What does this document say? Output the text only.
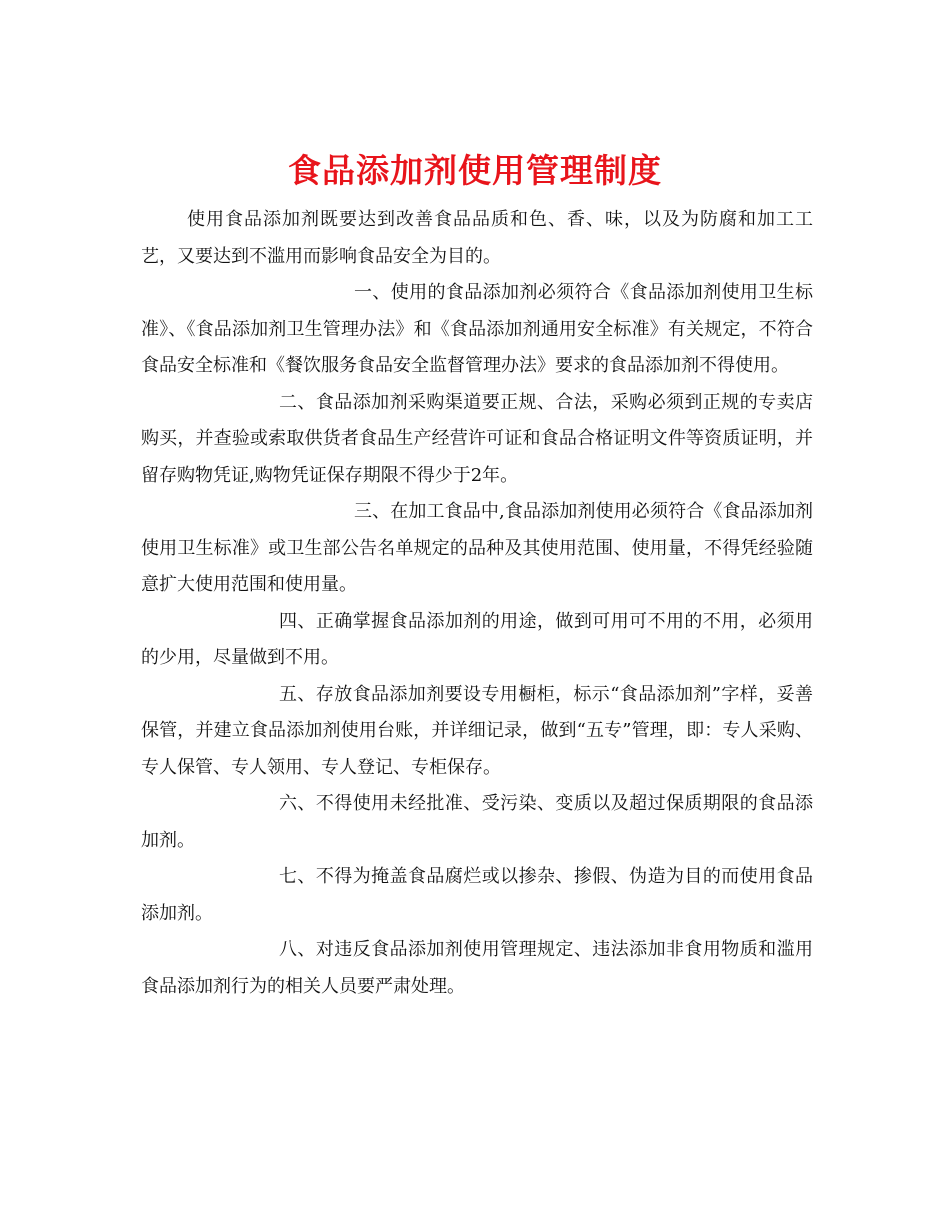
食品添加剂使用管理制度

使用食品添加剂既要达到改善食品品质和色、香、味，以及为防腐和加工工艺，又要达到不滥用而影响食品安全为目的。

一、使用的食品添加剂必须符合《食品添加剂使用卫生标准》、《食品添加剂卫生管理办法》和《食品添加剂通用安全标准》有关规定，不符合食品安全标准和《餐饮服务食品安全监督管理办法》要求的食品添加剂不得使用。

二、食品添加剂采购渠道要正规、合法，采购必须到正规的专卖店购买，并查验或索取供货者食品生产经营许可证和食品合格证明文件等资质证明，并留存购物凭证,购物凭证保存期限不得少于2年。

三、在加工食品中,食品添加剂使用必须符合《食品添加剂使用卫生标准》或卫生部公告名单规定的品种及其使用范围、使用量，不得凭经验随意扩大使用范围和使用量。

四、正确掌握食品添加剂的用途，做到可用可不用的不用，必须用的少用，尽量做到不用。

五、存放食品添加剂要设专用橱柜，标示“食品添加剂”字样，妥善保管，并建立食品添加剂使用台账，并详细记录，做到“五专”管理，即：专人采购、专人保管、专人领用、专人登记、专柜保存。

六、不得使用未经批准、受污染、变质以及超过保质期限的食品添加剂。

七、不得为掩盖食品腐烂或以掺杂、掺假、伪造为目的而使用食品添加剂。

八、对违反食品添加剂使用管理规定、违法添加非食用物质和滥用食品添加剂行为的相关人员要严肃处理。
